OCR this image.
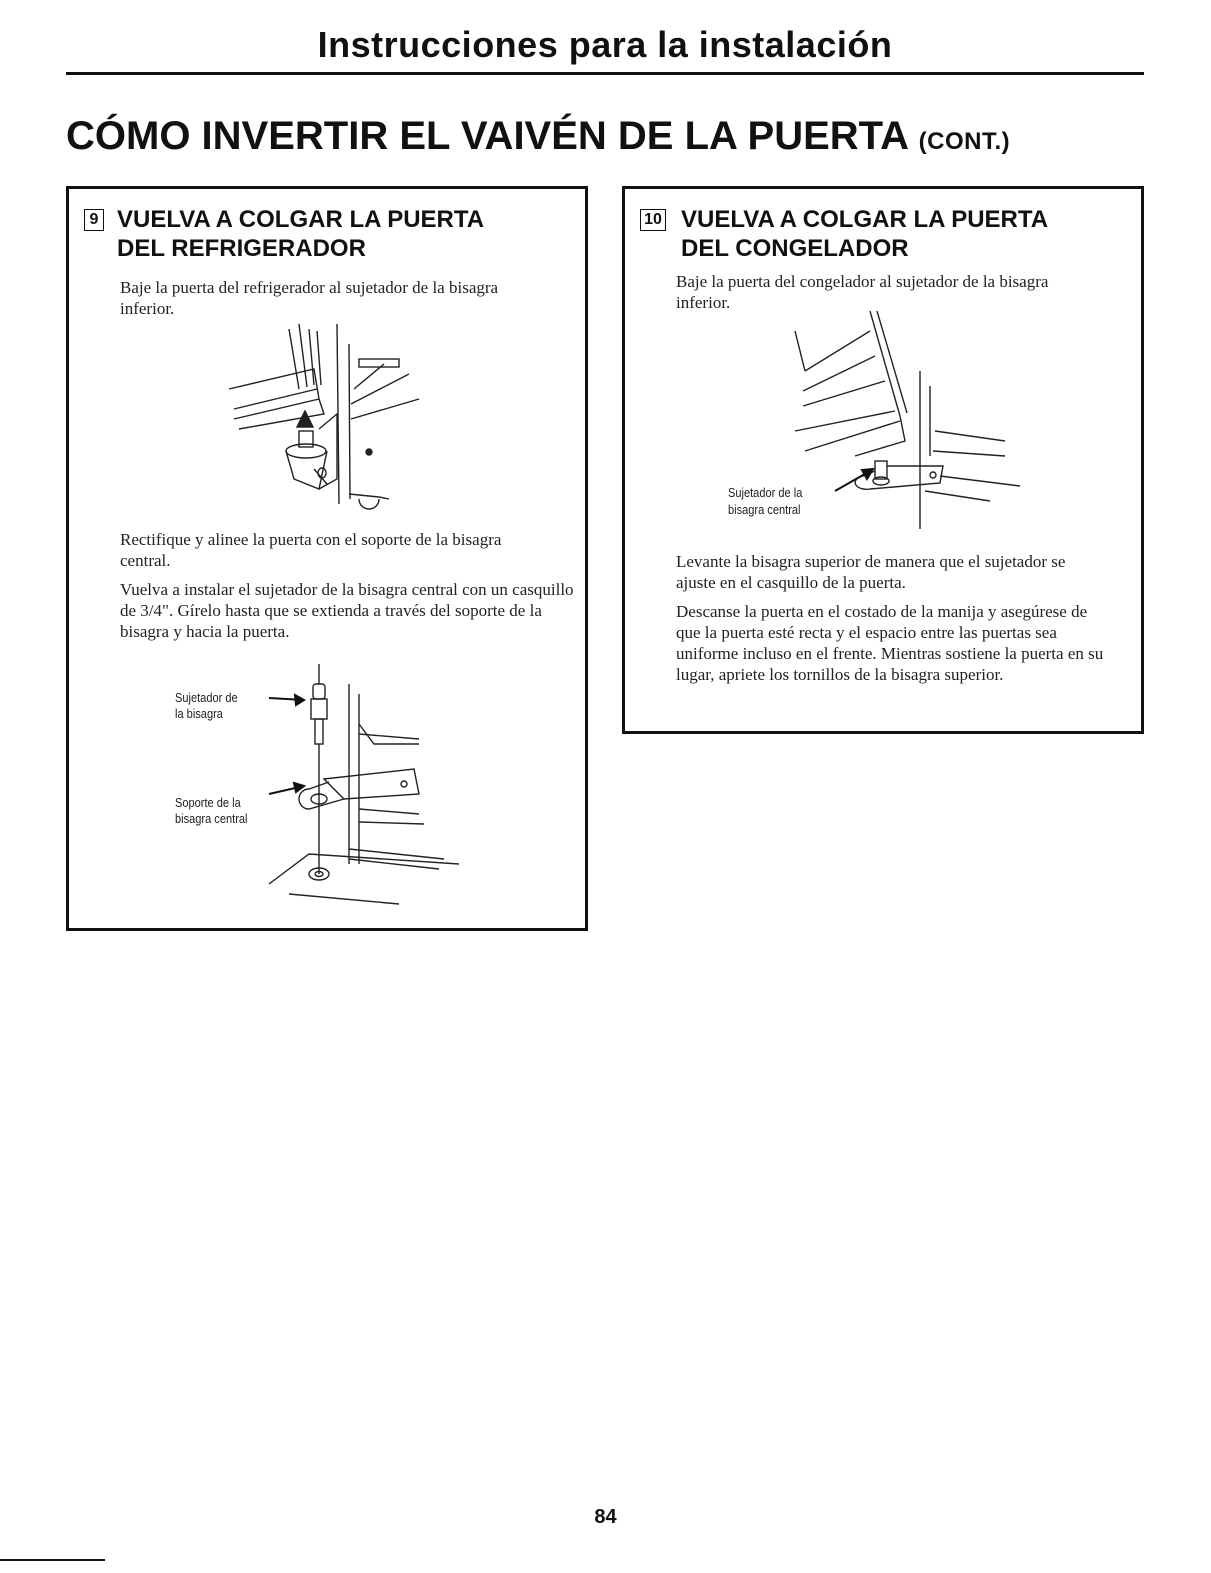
Instrucciones para la instalación
CÓMO INVERTIR EL VAIVÉN DE LA PUERTA (CONT.)
9 VUELVA A COLGAR LA PUERTA
DEL REFRIGERADOR
Baje la puerta del refrigerador al sujetador de la bisagra inferior.
Rectifique y alinee la puerta con el soporte de la bisagra central.
Vuelva a instalar el sujetador de la bisagra central con un casquillo de 3/4". Gírelo hasta que se extienda a través del soporte de la bisagra y hacia la puerta.
Sujetador de
la bisagra
Soporte de la
bisagra central
10 VUELVA A COLGAR LA PUERTA
DEL CONGELADOR
Baje la puerta del congelador al sujetador de la bisagra inferior.
Sujetador de la
bisagra central
Levante la bisagra superior de manera que el sujetador se ajuste en el casquillo de la puerta.
Descanse la puerta en el costado de la manija y asegúrese de que la puerta esté recta y el espacio entre las puertas sea uniforme incluso en el frente. Mientras sostiene la puerta en su lugar, apriete los tornillos de la bisagra superior.
84
